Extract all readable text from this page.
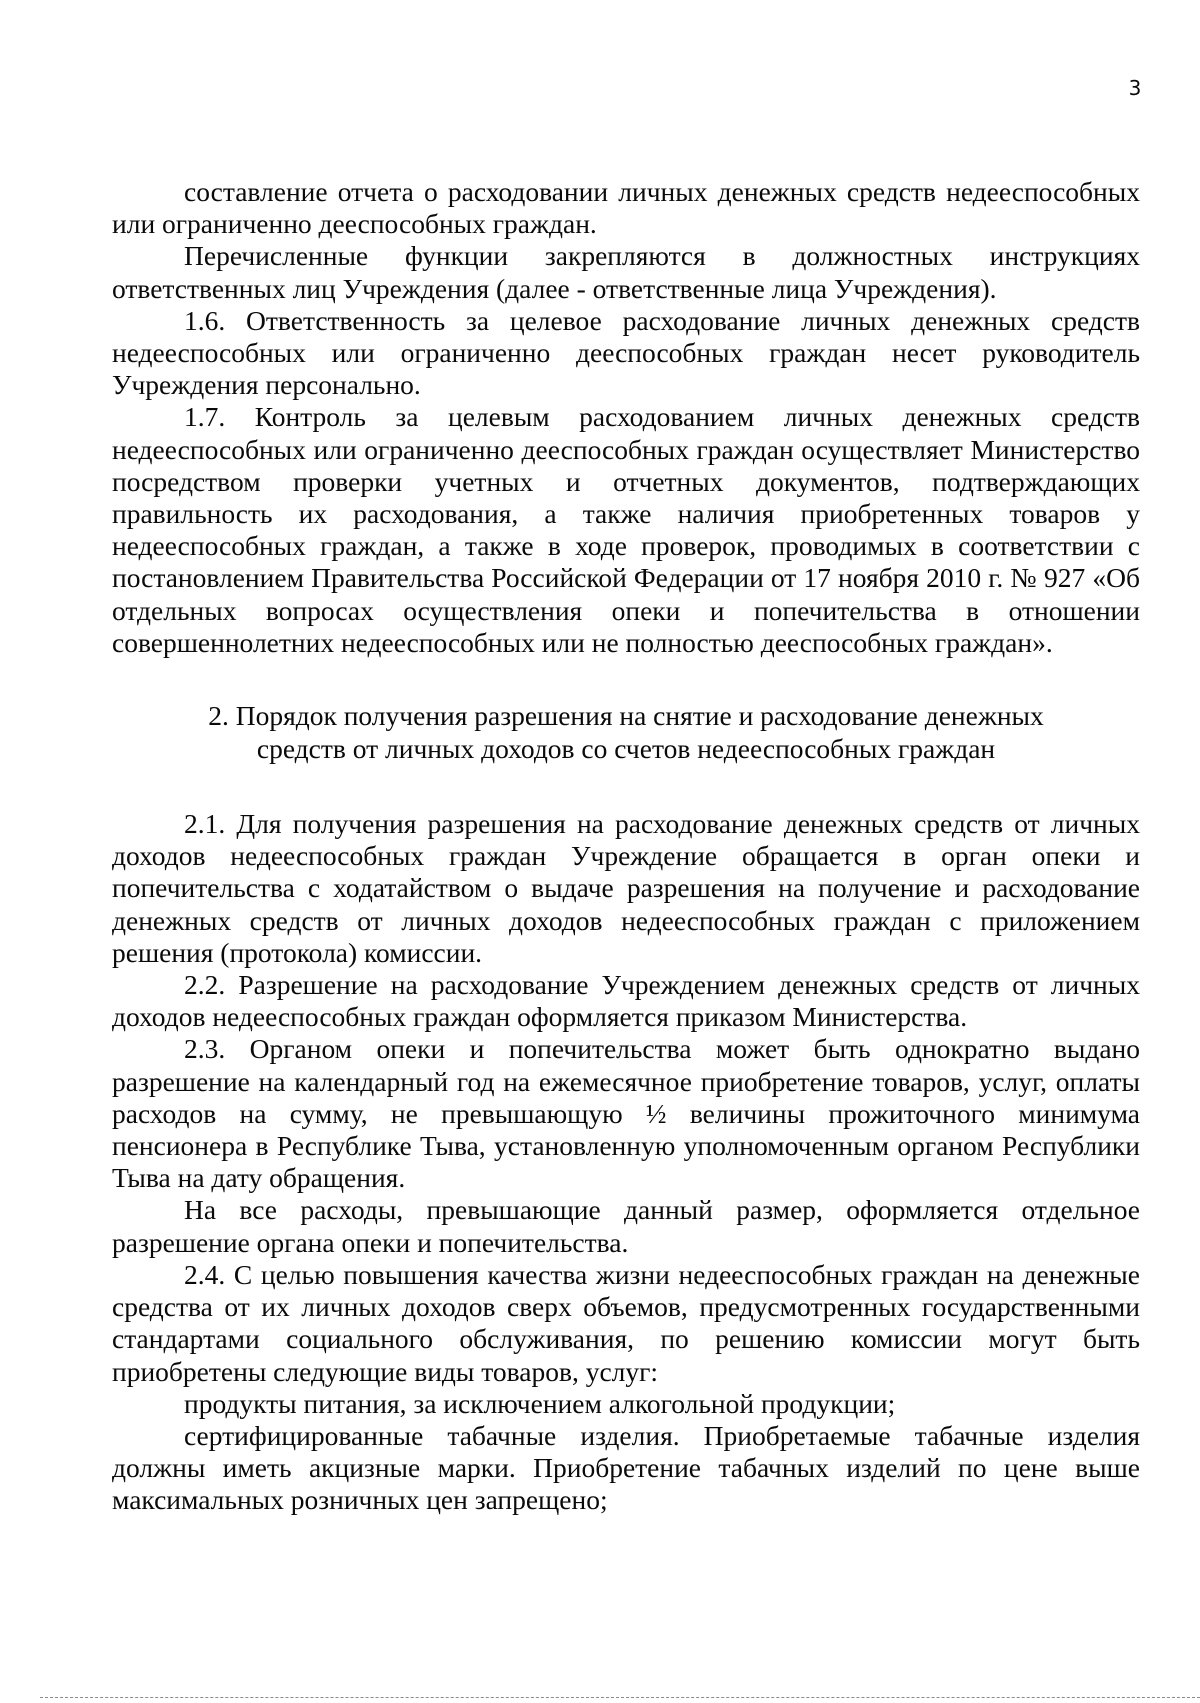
3

составление отчета о расходовании личных денежных средств недееспособных или ограниченно дееспособных граждан.

Перечисленные функции закрепляются в должностных инструкциях ответственных лиц Учреждения (далее - ответственные лица Учреждения).

1.6. Ответственность за целевое расходование личных денежных средств недееспособных или ограниченно дееспособных граждан несет руководитель Учреждения персонально.

1.7. Контроль за целевым расходованием личных денежных средств недееспособных или ограниченно дееспособных граждан осуществляет Министерство посредством проверки учетных и отчетных документов, подтверждающих правильность их расходования, а также наличия приобретенных товаров у недееспособных граждан, а также в ходе проверок, проводимых в соответствии с постановлением Правительства Российской Федерации от 17 ноября 2010 г. № 927 «Об отдельных вопросах осуществления опеки и попечительства в отношении совершеннолетних недееспособных или не полностью дееспособных граждан».

2. Порядок получения разрешения на снятие и расходование денежных
средств от личных доходов со счетов недееспособных граждан

2.1. Для получения разрешения на расходование денежных средств от личных доходов недееспособных граждан Учреждение обращается в орган опеки и попечительства с ходатайством о выдаче разрешения на получение и расходование денежных средств от личных доходов недееспособных граждан с приложением решения (протокола) комиссии.

2.2. Разрешение на расходование Учреждением денежных средств от личных доходов недееспособных граждан оформляется приказом Министерства.

2.3. Органом опеки и попечительства может быть однократно выдано разрешение на календарный год на ежемесячное приобретение товаров, услуг, оплаты расходов на сумму, не превышающую ½ величины прожиточного минимума пенсионера в Республике Тыва, установленную уполномоченным органом Республики Тыва на дату обращения.

На все расходы, превышающие данный размер, оформляется отдельное разрешение органа опеки и попечительства.

2.4. С целью повышения качества жизни недееспособных граждан на денежные средства от их личных доходов сверх объемов, предусмотренных государственными стандартами социального обслуживания, по решению комиссии могут быть приобретены следующие виды товаров, услуг:

продукты питания, за исключением алкогольной продукции;

сертифицированные табачные изделия. Приобретаемые табачные изделия должны иметь акцизные марки. Приобретение табачных изделий по цене выше максимальных розничных цен запрещено;
